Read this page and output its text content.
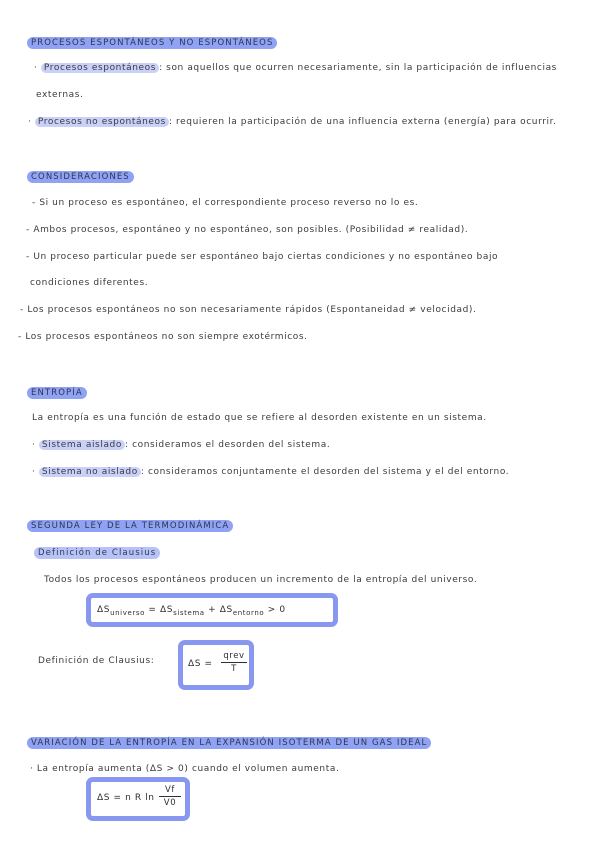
PROCESOS ESPONTÁNEOS Y NO ESPONTÁNEOS
· Procesos espontáneos : son aquellos que ocurren necesariamente, sin la participación de influencias
externas.
· Procesos no espontáneos : requieren la participación de una influencia externa (energía) para ocurrir.
CONSIDERACIONES
- Si un proceso es espontáneo, el correspondiente proceso reverso no lo es.
- Ambos procesos, espontáneo y no espontáneo, son posibles. (Posibilidad ≠ realidad).
- Un proceso particular puede ser espontáneo bajo ciertas condiciones y no espontáneo bajo
condiciones diferentes.
- Los procesos espontáneos no son necesariamente rápidos (Espontaneidad ≠ velocidad).
- Los procesos espontáneos no son siempre exotérmicos.
ENTROPÍA
La entropía es una función de estado que se refiere al desorden existente en un sistema.
· Sistema aislado : consideramos el desorden del sistema.
· Sistema no aislado : consideramos conjuntamente el desorden del sistema y el del entorno.
SEGUNDA LEY DE LA TERMODINÁMICA
Definición de Clausius
Todos los procesos espontáneos producen un incremento de la entropía del universo.
$\Delta S_{universo} = \Delta S_{sistema} + \Delta S_{entorno} > 0$
Definición de Clausius:	ΔS =
qrev
T
VARIACIÓN DE LA ENTROPÍA EN LA EXPANSIÓN ISOTERMA DE UN GAS IDEAL
· La entropía aumenta (ΔS > 0) cuando el volumen aumenta.
ΔS = n R ln
Vf
V0
